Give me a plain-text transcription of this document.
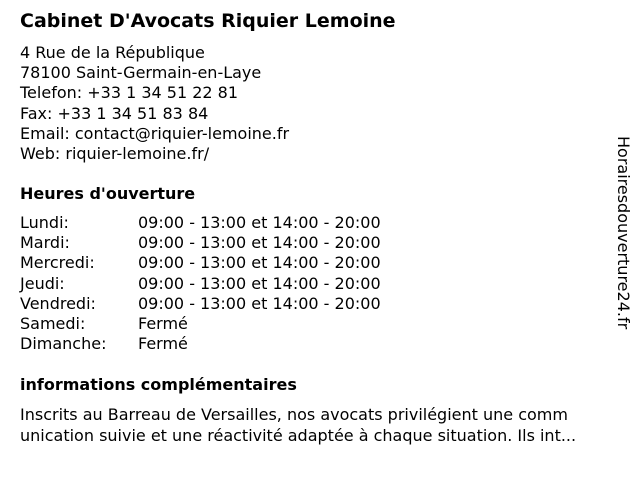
Cabinet D'Avocats Riquier Lemoine
4 Rue de la République
78100 Saint-Germain-en-Laye
Telefon: +33 1 34 51 22 81
Fax: +33 1 34 51 83 84
Email: contact@riquier-lemoine.fr
Web: riquier-lemoine.fr/
Heures d'ouverture
Lundi:	09:00 - 13:00 et 14:00 - 20:00
Mardi:	09:00 - 13:00 et 14:00 - 20:00
Mercredi:	09:00 - 13:00 et 14:00 - 20:00
Jeudi:	09:00 - 13:00 et 14:00 - 20:00
Vendredi:	09:00 - 13:00 et 14:00 - 20:00
Samedi:	Fermé
Dimanche: Fermé
informations complémentaires
Inscrits au Barreau de Versailles, nos avocats privilégient une comm
unication suivie et une réactivité adaptée à chaque situation. Ils int...
Horairesdouverture24.fr
